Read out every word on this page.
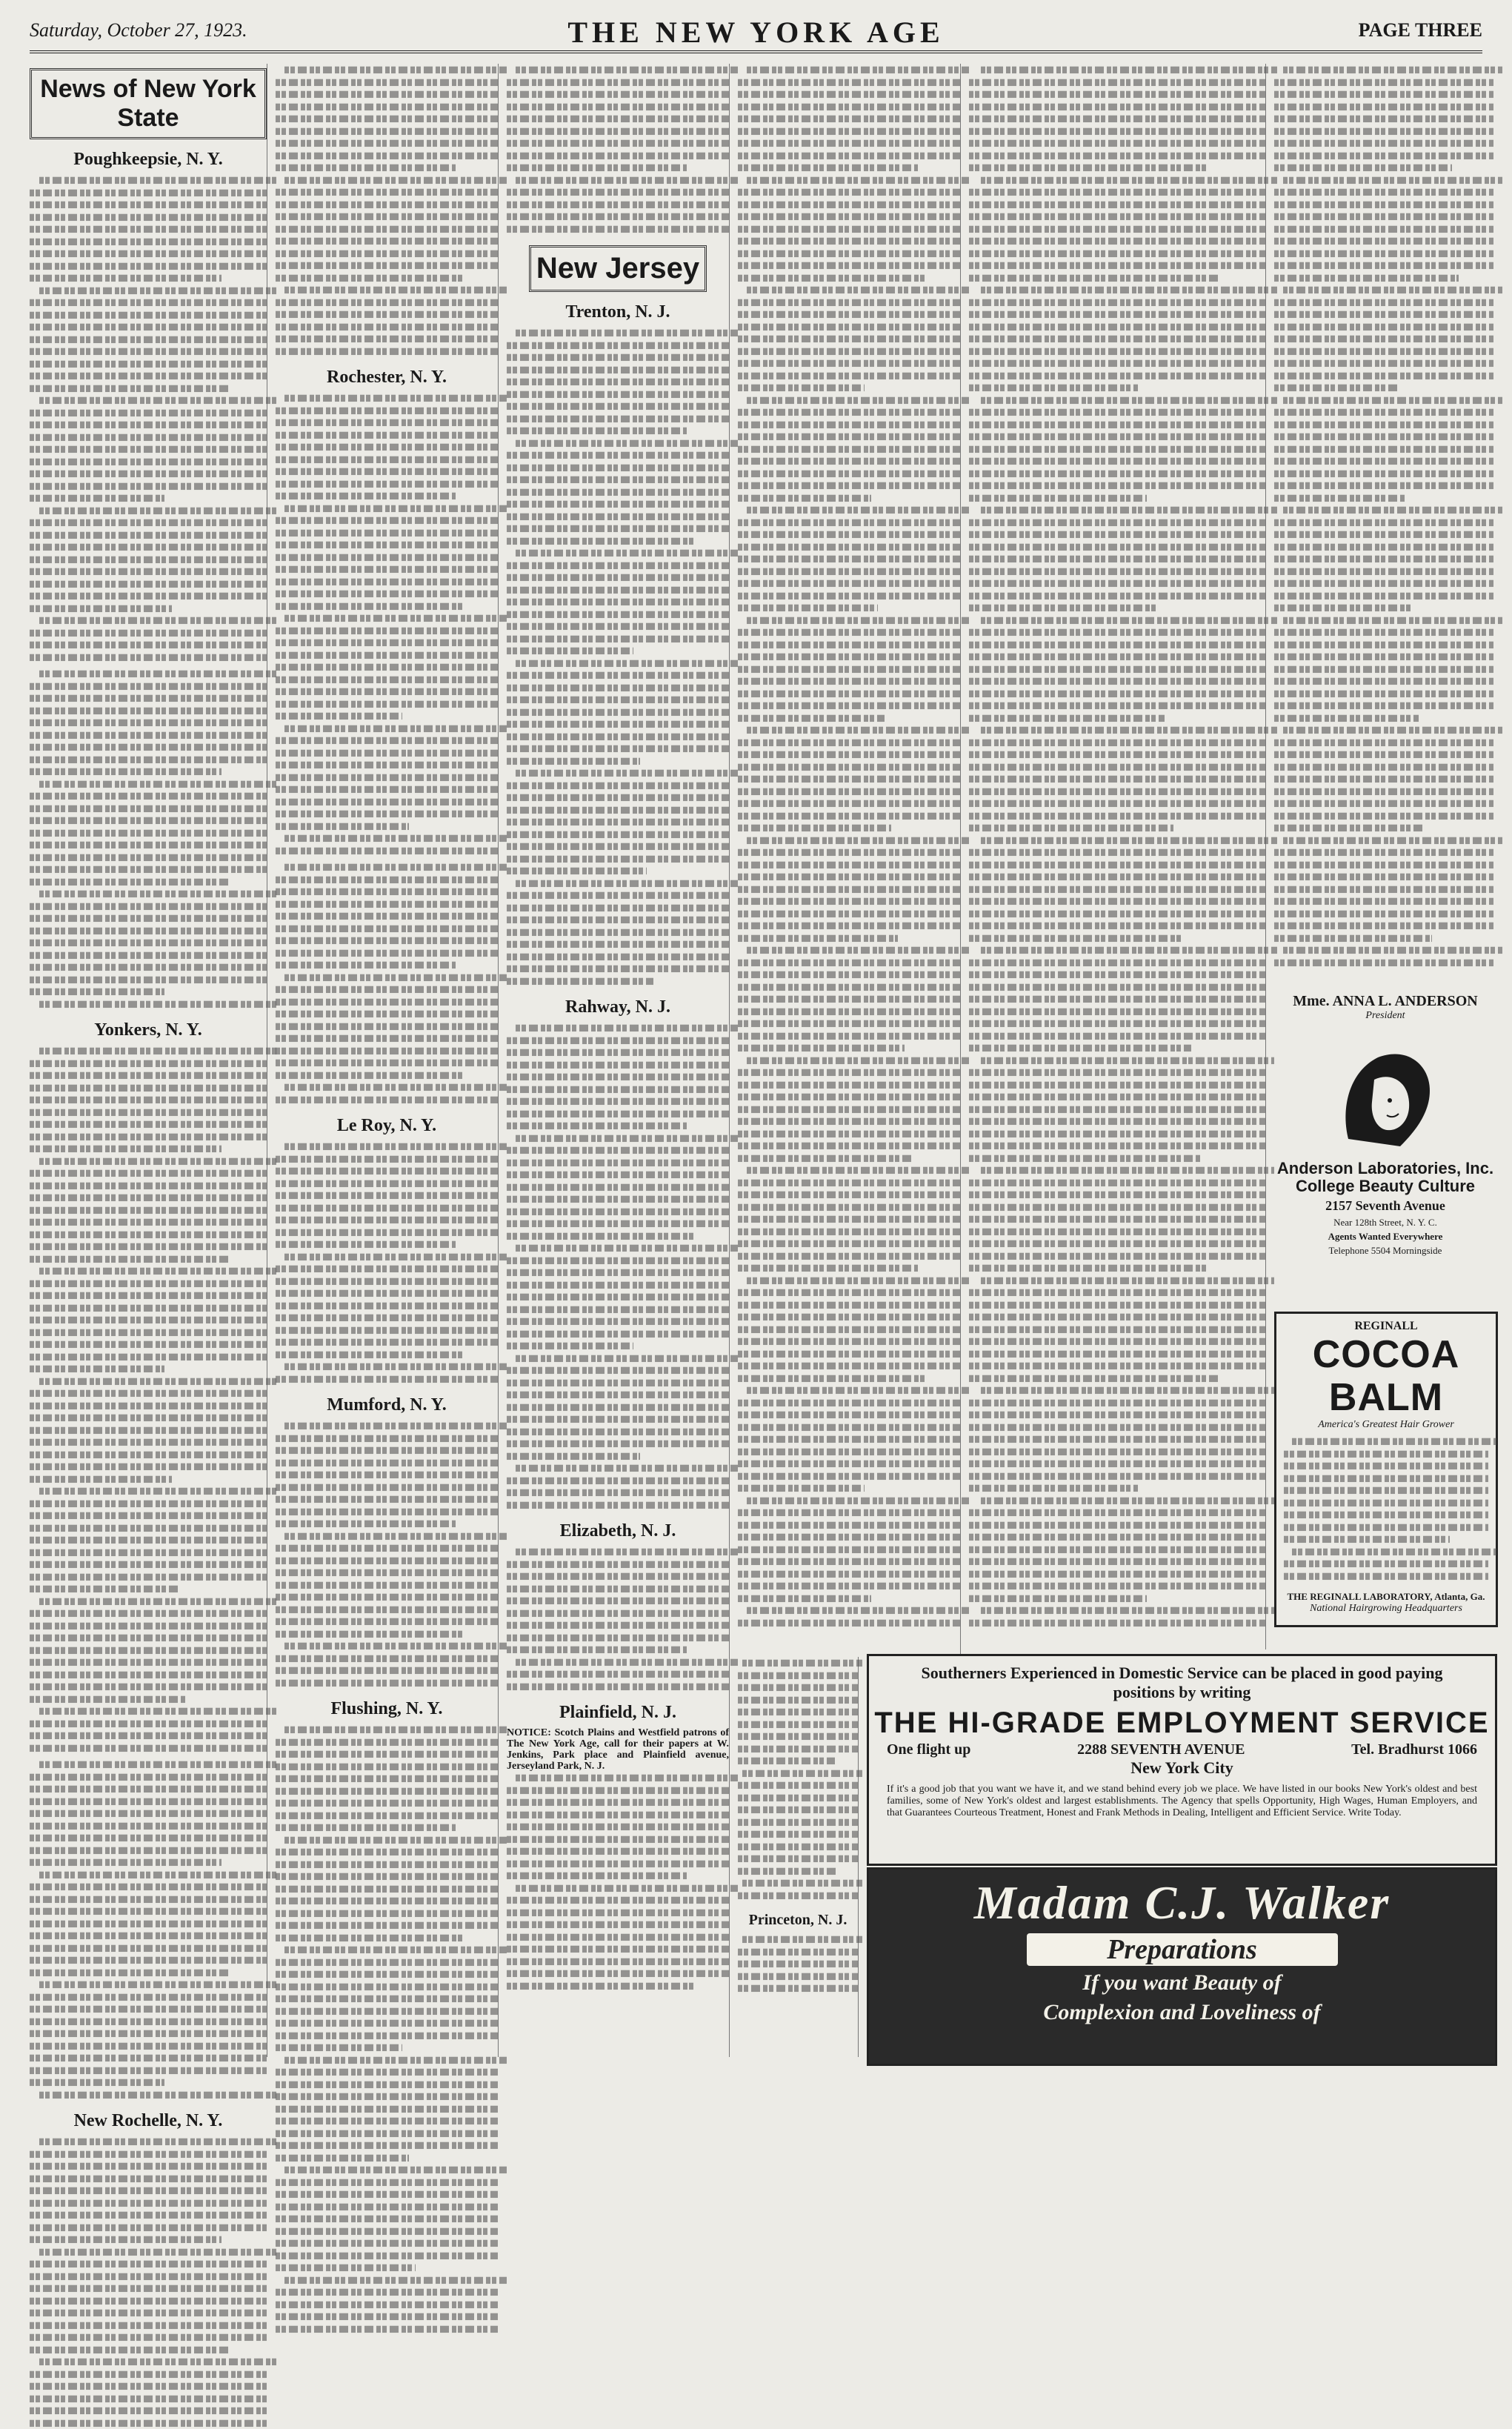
Saturday, October 27, 1923.	THE NEW YORK AGE	PAGE THREE
News of New York State
Poughkeepsie, N. Y.
Yonkers, N. Y.
New Rochelle, N. Y.
Rochester, N. Y.
Le Roy, N. Y.
Mumford, N. Y.
Flushing, N. Y.
New Jersey
Trenton, N. J.
Rahway, N. J.
Elizabeth, N. J.
Plainfield, N. J.
NOTICE: Scotch Plains and Westfield patrons of The New York Age, call for their papers at W. Jenkins, Park place and Plainfield avenue, Jerseyland Park, N. J.
Princeton, N. J.
Mme. ANNA L. ANDERSON
President
Anderson Laboratories, Inc. College Beauty Culture
2157 Seventh Avenue
Near 128th Street, N. Y. C.
Agents Wanted Everywhere
Telephone 5504 Morningside
REGINALL
COCOA BALM
America's Greatest Hair Grower
THE REGINALL LABORATORY, Atlanta, Ga.
National Hairgrowing Headquarters
Southerners Experienced in Domestic Service can be placed in good paying
positions by writing
THE HI-GRADE EMPLOYMENT SERVICE
One flight up	2288 SEVENTH AVENUE	Tel. Bradhurst 1066
New York City
If it's a good job that you want we have it, and we stand behind every job we place. We have listed in our books New York's oldest and best families, some of New York's oldest and largest establishments. The Agency that spells Opportunity, High Wages, Human Employers, and that Guarantees Courteous Treatment, Honest and Frank Methods in Dealing, Intelligent and Efficient Service. Write Today.
Madam C.J. Walker
Preparations
If you want Beauty of
Complexion and Loveliness of
